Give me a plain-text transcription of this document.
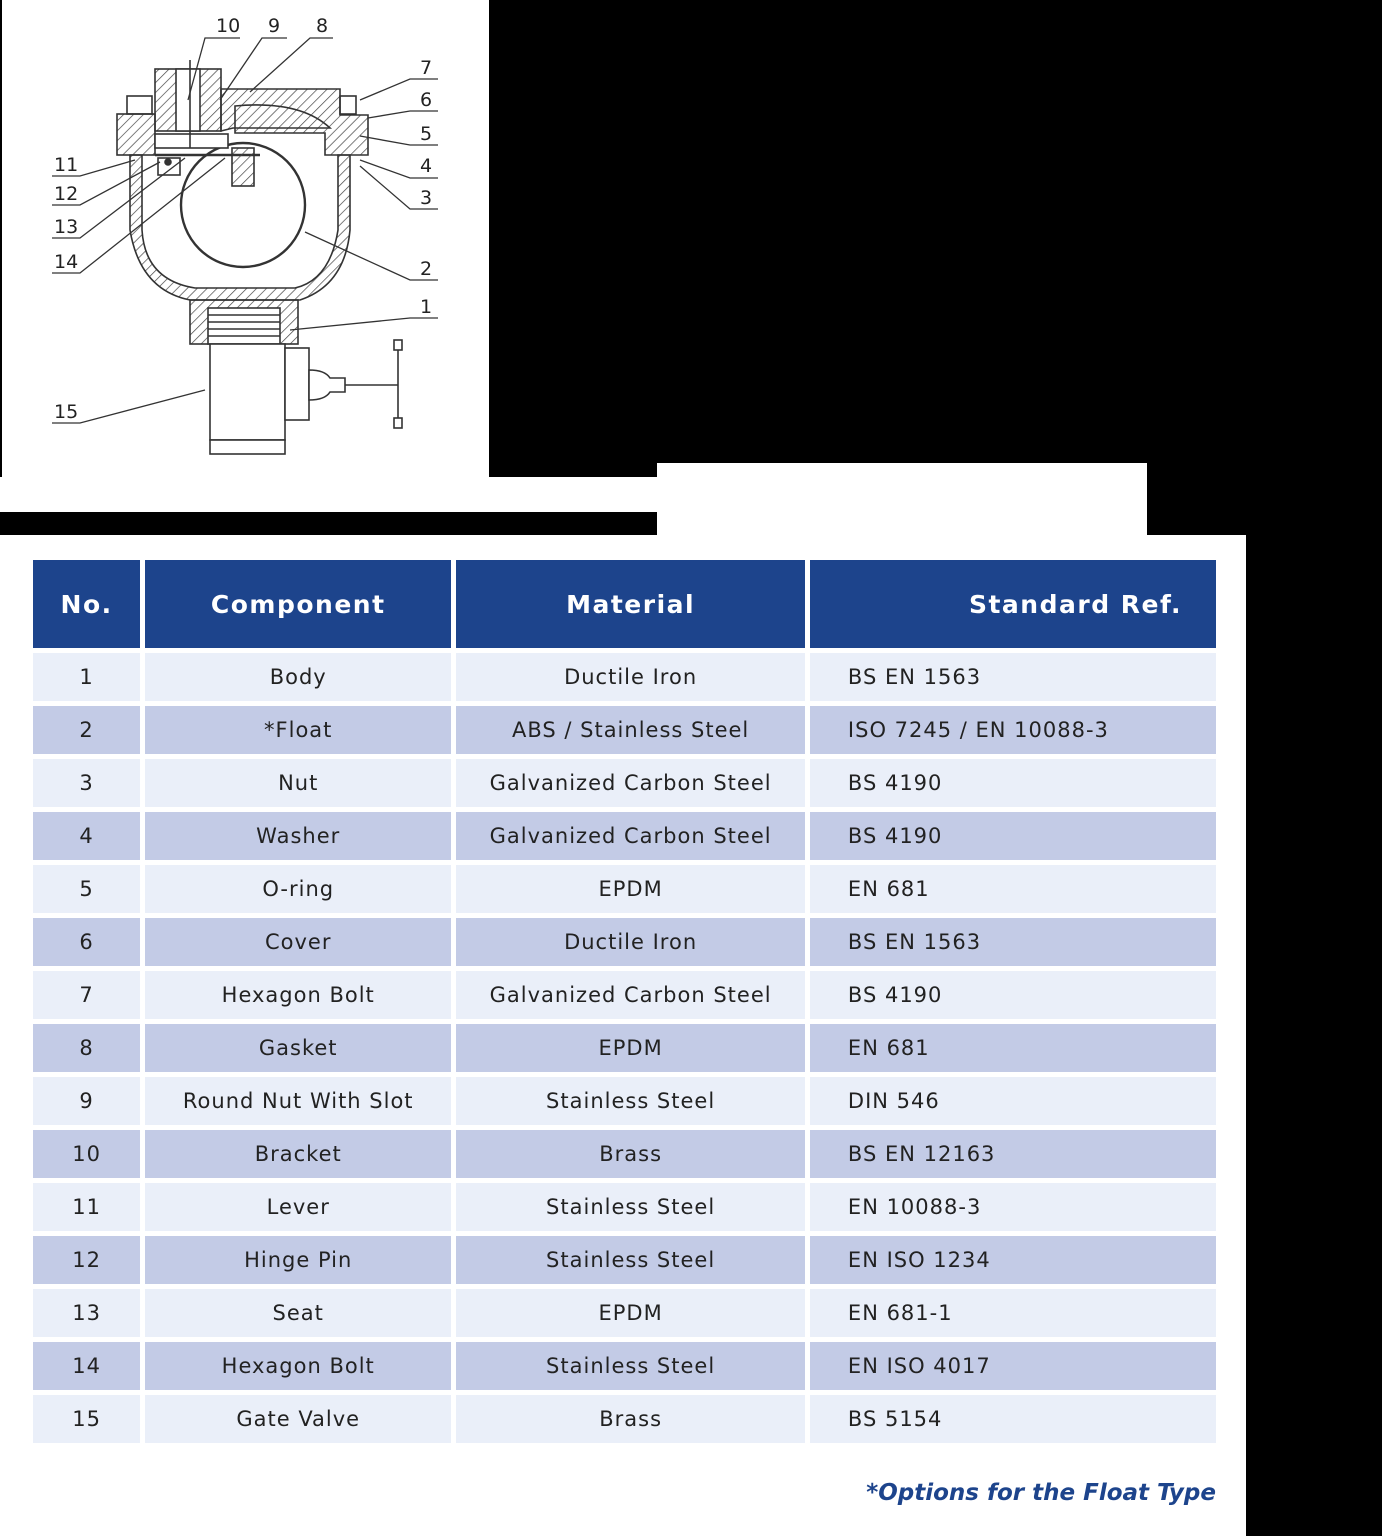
10 9 8
7
6
5
4
3
2
1
11
12
13
14
15
No.	Component	Material	Standard Ref.
1	Body	Ductile Iron	BS EN 1563
2	*Float	ABS / Stainless Steel	ISO 7245 / EN 10088-3
3	Nut	Galvanized Carbon Steel	BS 4190
4	Washer	Galvanized Carbon Steel	BS 4190
5	O-ring	EPDM	EN 681
6	Cover	Ductile Iron	BS EN 1563
7	Hexagon Bolt	Galvanized Carbon Steel	BS 4190
8	Gasket	EPDM	EN 681
9	Round Nut With Slot	Stainless Steel	DIN 546
10	Bracket	Brass	BS EN 12163
11	Lever	Stainless Steel	EN 10088-3
12	Hinge Pin	Stainless Steel	EN ISO 1234
13	Seat	EPDM	EN 681-1
14	Hexagon Bolt	Stainless Steel	EN ISO 4017
15	Gate Valve	Brass	BS 5154
*Options for the Float Type
